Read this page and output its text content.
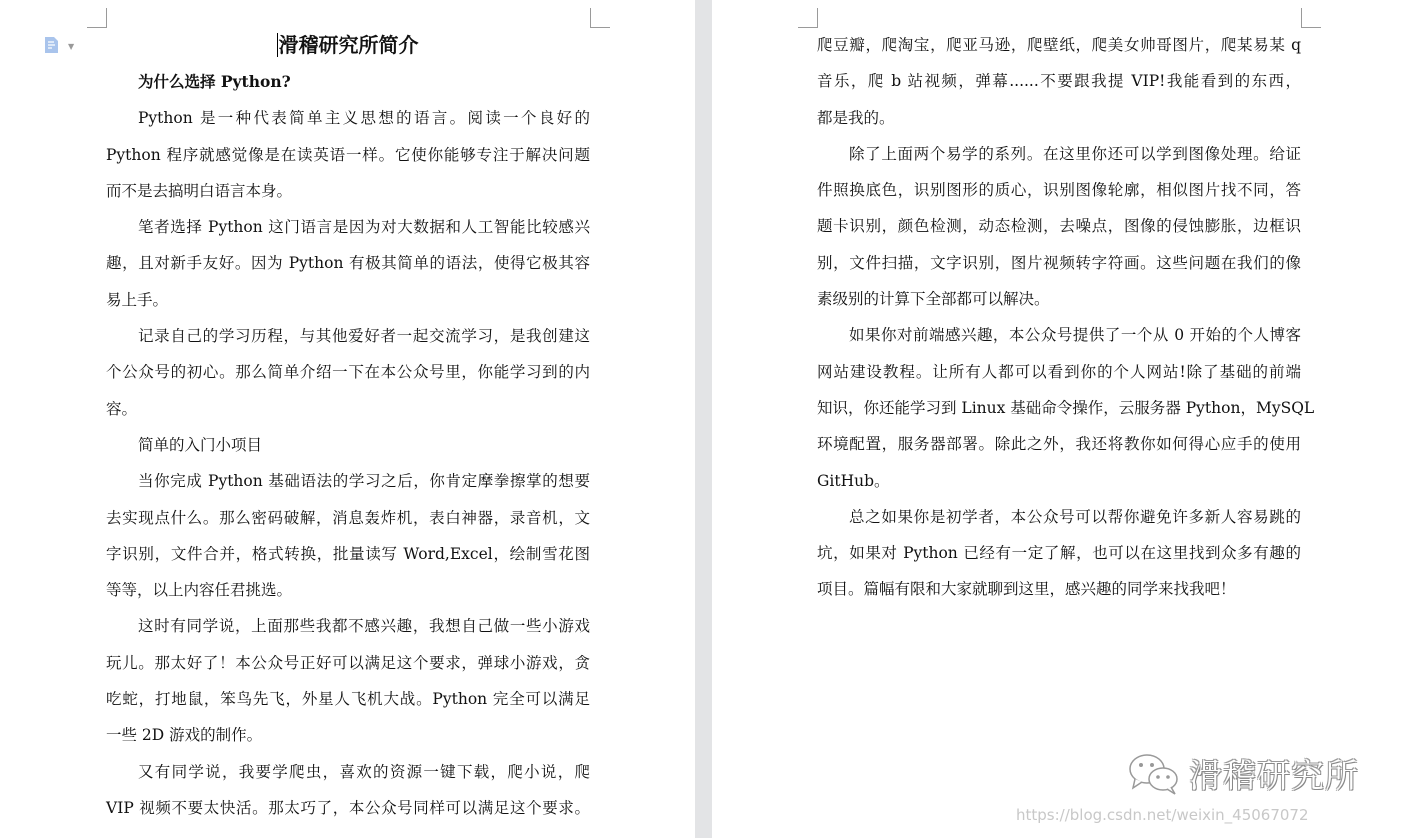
▼	滑稽研究所简介
为什么选择 Python?
Python 是一种代表简单主义思想的语言。阅读一个良好的
Python 程序就感觉像是在读英语一样。它使你能够专注于解决问题
而不是去搞明白语言本身。
笔者选择 Python 这门语言是因为对大数据和人工智能比较感兴
趣，且对新手友好。因为 Python 有极其简单的语法，使得它极其容
易上手。
记录自己的学习历程，与其他爱好者一起交流学习，是我创建这
个公众号的初心。那么简单介绍一下在本公众号里，你能学习到的内
容。
简单的入门小项目
当你完成 Python 基础语法的学习之后，你肯定摩拳擦掌的想要
去实现点什么。那么密码破解，消息轰炸机，表白神器，录音机，文
字识别，文件合并，格式转换，批量读写 Word,Excel，绘制雪花图
等等，以上内容任君挑选。
这时有同学说，上面那些我都不感兴趣，我想自己做一些小游戏
玩儿。那太好了！本公众号正好可以满足这个要求，弹球小游戏，贪
吃蛇，打地鼠，笨鸟先飞，外星人飞机大战。Python 完全可以满足
一些 2D 游戏的制作。
又有同学说，我要学爬虫，喜欢的资源一键下载，爬小说，爬
VIP 视频不要太快活。那太巧了，本公众号同样可以满足这个要求。
爬豆瓣，爬淘宝，爬亚马逊，爬壁纸，爬美女帅哥图片，爬某易某 q
音乐，爬 b 站视频，弹幕......不要跟我提 VIP!我能看到的东西，
都是我的。
除了上面两个易学的系列。在这里你还可以学到图像处理。给证
件照换底色，识别图形的质心，识别图像轮廓，相似图片找不同，答
题卡识别，颜色检测，动态检测，去噪点，图像的侵蚀膨胀，边框识
别，文件扫描，文字识别，图片视频转字符画。这些问题在我们的像
素级别的计算下全部都可以解决。
如果你对前端感兴趣，本公众号提供了一个从 0 开始的个人博客
网站建设教程。让所有人都可以看到你的个人网站!除了基础的前端
知识，你还能学习到 Linux 基础命令操作，云服务器 Python，MySQL
环境配置，服务器部署。除此之外，我还将教你如何得心应手的使用
GitHub。
总之如果你是初学者，本公众号可以帮你避免许多新人容易跳的
坑，如果对 Python 已经有一定了解，也可以在这里找到众多有趣的
项目。篇幅有限和大家就聊到这里，感兴趣的同学来找我吧！
滑稽研究所
https://blog.csdn.net/weixin_45067072
